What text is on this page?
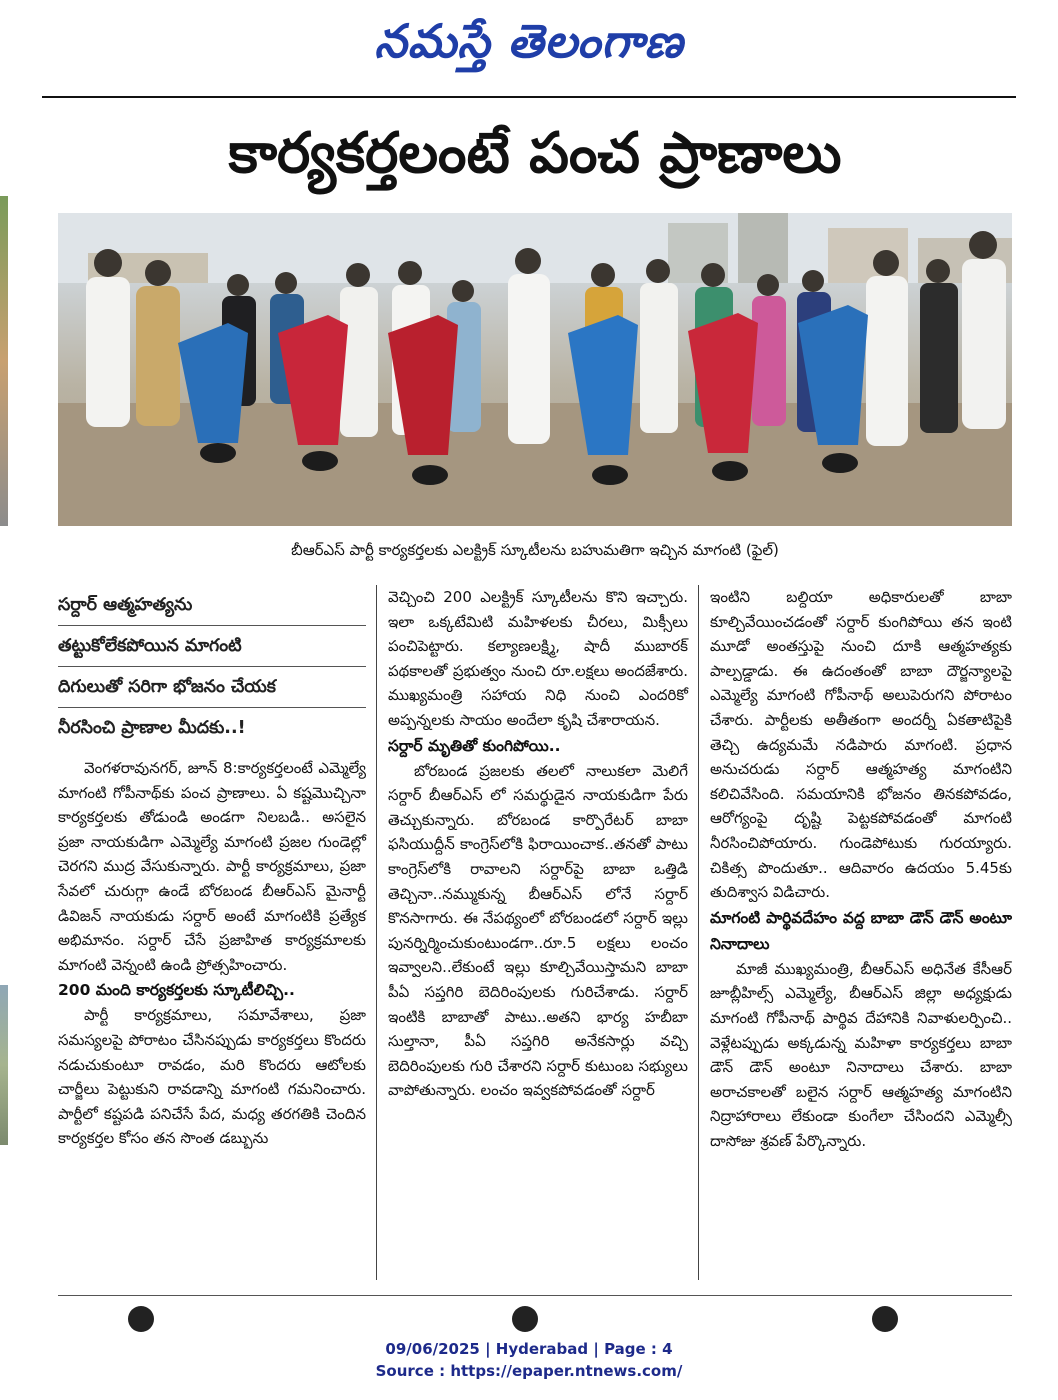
నమస్తే తెలంగాణ
కార్యకర్తలంటే పంచ ప్రాణాలు
బీఆర్‌ఎస్ పార్టీ కార్యకర్తలకు ఎలక్ట్రిక్ స్కూటీలను బహుమతిగా ఇచ్చిన మాగంటి (ఫైల్)
సర్దార్ ఆత్మహత్యను
తట్టుకోలేకపోయిన మాగంటి
దిగులుతో సరిగా భోజనం చేయక
నీరసించి ప్రాణాల మీదకు..!

వెంగళరావునగర్, జూన్ 8:కార్యకర్తలంటే ఎమ్మెల్యే మాగంటి గోపీనాథ్‌కు పంచ ప్రాణాలు. ఏ కష్టమొచ్చినా కార్యకర్తలకు తోడుండి అండగా నిలబడి.. అసలైన ప్రజా నాయకుడిగా ఎమ్మెల్యే మాగంటి ప్రజల గుండెల్లో చెరగని ముద్ర వేసుకున్నారు. పార్టీ కార్యక్రమాలు, ప్రజా సేవలో చురుగ్గా ఉండే బోరబండ బీఆర్‌ఎస్ మైనార్టీ డివిజన్ నాయకుడు సర్దార్ అంటే మాగంటికి ప్రత్యేక అభిమానం. సర్దార్ చేసే ప్రజాహిత కార్యక్రమాలకు మాగంటి వెన్నంటి ఉండి ప్రోత్సహించారు.

200 మంది కార్యకర్తలకు స్కూటీలిచ్చి..

పార్టీ కార్యక్రమాలు, సమావేశాలు, ప్రజా సమస్యలపై పోరాటం చేసినప్పుడు కార్యకర్తలు కొందరు నడుచుకుంటూ రావడం, మరి కొందరు ఆటోలకు చార్జీలు పెట్టుకుని రావడాన్ని మాగంటి గమనించారు. పార్టీలో కష్టపడి పనిచేసే పేద, మధ్య తరగతికి చెందిన కార్యకర్తల కోసం తన సొంత డబ్బును

వెచ్చించి 200 ఎలక్ట్రిక్ స్కూటీలను కొని ఇచ్చారు. ఇలా ఒక్కటేమిటి మహిళలకు చీరలు, మిక్సీలు పంచిపెట్టారు. కల్యాణలక్ష్మి, షాదీ ముబారక్ పథకాలతో ప్రభుత్వం నుంచి రూ.లక్షలు అందజేశారు. ముఖ్యమంత్రి సహాయ నిధి నుంచి ఎందరికో అప్పన్నలకు సాయం అందేలా కృషి చేశారాయన.

సర్దార్ మృతితో కుంగిపోయి..

బోరబండ ప్రజలకు తలలో నాలుకలా మెలిగే సర్దార్ బీఆర్‌ఎస్ లో సమర్థుడైన నాయకుడిగా పేరు తెచ్చుకున్నారు. బోరబండ కార్పొరేటర్ బాబా ఫసియుద్దీన్ కాంగ్రెస్‌లోకి ఫిరాయించాక..తనతో పాటు కాంగ్రెస్‌లోకి రావాలని సర్దార్‌పై బాబా ఒత్తిడి తెచ్చినా..నమ్ముకున్న బీఆర్‌ఎస్ లోనే సర్దార్ కొనసాగారు. ఈ నేపథ్యంలో బోరబండలో సర్దార్ ఇల్లు పునర్నిర్మించుకుంటుండగా..రూ.5 లక్షలు లంచం ఇవ్వాలని..లేకుంటే ఇల్లు కూల్చివేయిస్తామని బాబా పీఏ సప్తగిరి బెదిరింపులకు గురిచేశాడు. సర్దార్ ఇంటికి బాబాతో పాటు..అతని భార్య హబీబా సుల్తానా, పీఏ సప్తగిరి అనేకసార్లు వచ్చి బెదిరింపులకు గురి చేశారని సర్దార్ కుటుంబ సభ్యులు వాపోతున్నారు. లంచం ఇవ్వకపోవడంతో సర్దార్

ఇంటిని బల్దియా అధికారులతో బాబా కూల్చివేయించడంతో సర్దార్ కుంగిపోయి తన ఇంటి మూడో అంతస్తుపై నుంచి దూకి ఆత్మహత్యకు పాల్పడ్డాడు. ఈ ఉదంతంతో బాబా దౌర్జన్యాలపై ఎమ్మెల్యే మాగంటి గోపీనాథ్ అలుపెరుగని పోరాటం చేశారు. పార్టీలకు అతీతంగా అందర్నీ ఏకతాటిపైకి తెచ్చి ఉద్యమమే నడిపారు మాగంటి. ప్రధాన అనుచరుడు సర్దార్ ఆత్మహత్య మాగంటిని కలిచివేసింది. సమయానికి భోజనం తినకపోవడం, ఆరోగ్యంపై దృష్టి పెట్టకపోవడంతో మాగంటి నీరసించిపోయారు. గుండెపోటుకు గురయ్యారు. చికిత్స పొందుతూ.. ఆదివారం ఉదయం 5.45కు తుదిశ్వాస విడిచారు.

మాగంటి పార్థివదేహం వద్ద బాబా డౌన్ డౌన్ అంటూ నినాదాలు

మాజీ ముఖ్యమంత్రి, బీఆర్‌ఎస్ అధినేత కేసీఆర్ జూబ్లీహిల్స్ ఎమ్మెల్యే, బీఆర్‌ఎస్ జిల్లా అధ్యక్షుడు మాగంటి గోపీనాథ్ పార్థివ దేహానికి నివాళులర్పించి.. వెళ్లేటప్పుడు అక్కడున్న మహిళా కార్యకర్తలు బాబా డౌన్ డౌన్ అంటూ నినాదాలు చేశారు. బాబా అరాచకాలతో బలైన సర్దార్ ఆత్మహత్య మాగంటిని నిద్రాహారాలు లేకుండా కుంగేలా చేసిందని ఎమ్మెల్సీ దాసోజు శ్రవణ్ పేర్కొన్నారు.

09/06/2025 | Hyderabad | Page : 4
Source : https://epaper.ntnews.com/
